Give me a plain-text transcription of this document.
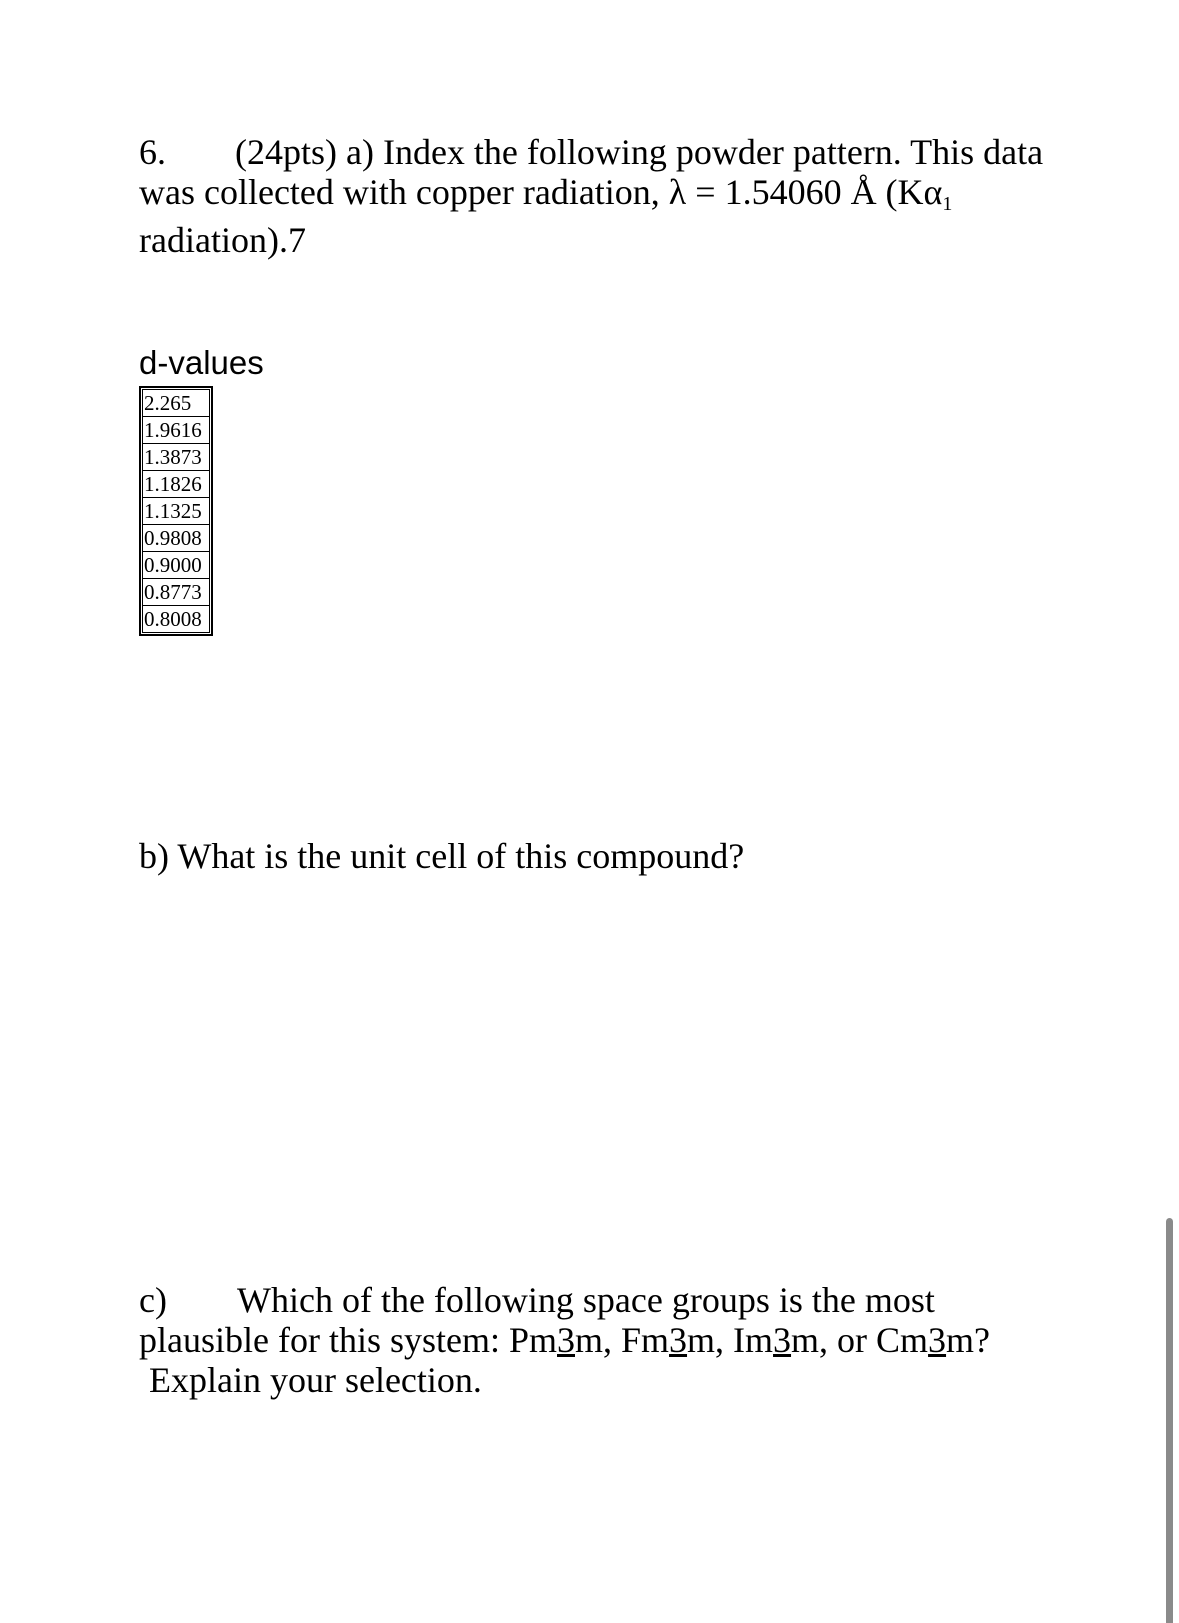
6. (24pts) a) Index the following powder pattern. This data
was collected with copper radiation, λ = 1.54060 Å ($K\alpha_1$
radiation).7
d-values
2.265
1.9616
1.3873
1.1826
1.1325
0.9808
0.9000
0.8773
0.8008
b) What is the unit cell of this compound?
c) Which of the following space groups is the most
plausible for this system: Pm3m, Fm3m, Im3m, or Cm3m?
Explain your selection.
